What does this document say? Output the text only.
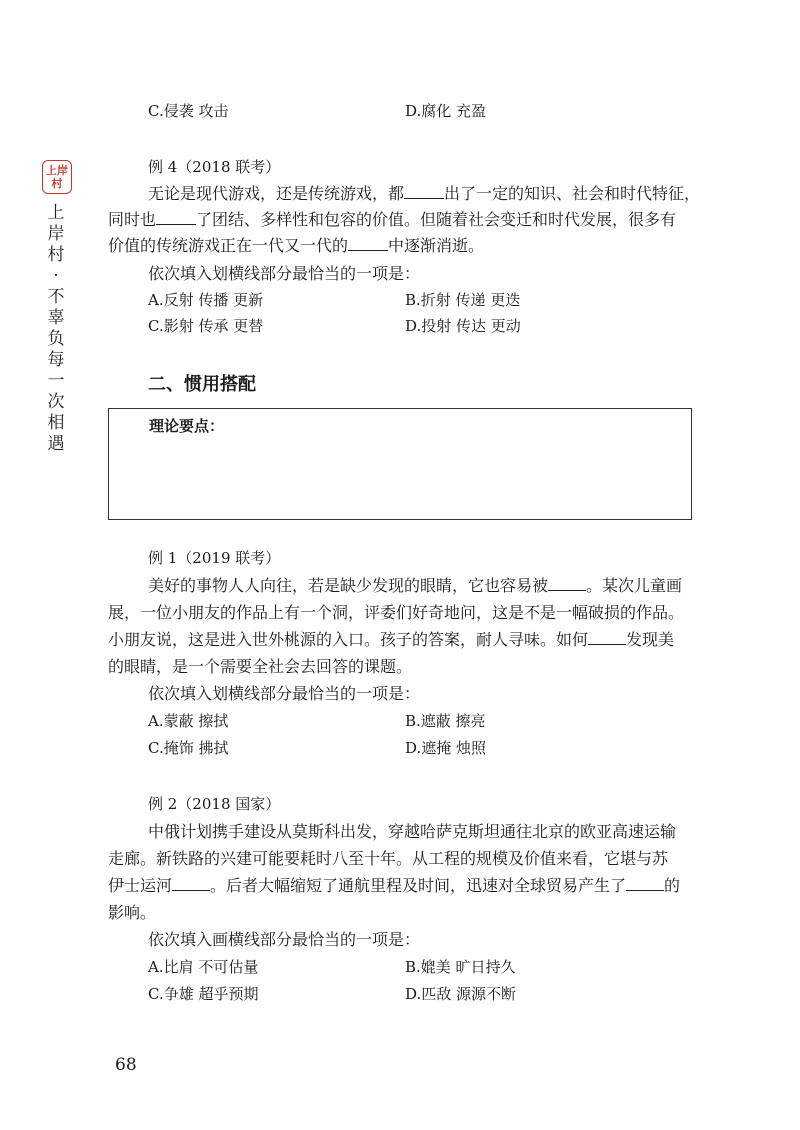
上岸村
上岸村·不辜负每一次相遇
C.侵袭 攻击	D.腐化 充盈
例 4（2018 联考）
无论是现代游戏，还是传统游戏，都	出了一定的知识、社会和时代特征，
同时也	了团结、多样性和包容的价值。但随着社会变迁和时代发展，很多有
价值的传统游戏正在一代又一代的	中逐渐消逝。
依次填入划横线部分最恰当的一项是：
A.反射 传播 更新	B.折射 传递 更迭
C.影射 传承 更替	D.投射 传达 更动
二、惯用搭配
理论要点：
例 1（2019 联考）
美好的事物人人向往，若是缺少发现的眼睛，它也容易被 。某次儿童画
展，一位小朋友的作品上有一个洞，评委们好奇地问，这是不是一幅破损的作品。
小朋友说，这是进入世外桃源的入口。孩子的答案，耐人寻味。如何 发现美
的眼睛，是一个需要全社会去回答的课题。
依次填入划横线部分最恰当的一项是：
A.蒙蔽 擦拭	B.遮蔽 擦亮
C.掩饰 拂拭	D.遮掩 烛照
例 2（2018 国家）
中俄计划携手建设从莫斯科出发，穿越哈萨克斯坦通往北京的欧亚高速运输
走廊。新铁路的兴建可能要耗时八至十年。从工程的规模及价值来看，它堪与苏
伊士运河 。后者大幅缩短了通航里程及时间，迅速对全球贸易产生了 的
影响。
依次填入画横线部分最恰当的一项是：
A.比肩 不可估量	B.媲美 旷日持久
C.争雄 超乎预期	D.匹敌 源源不断
68
